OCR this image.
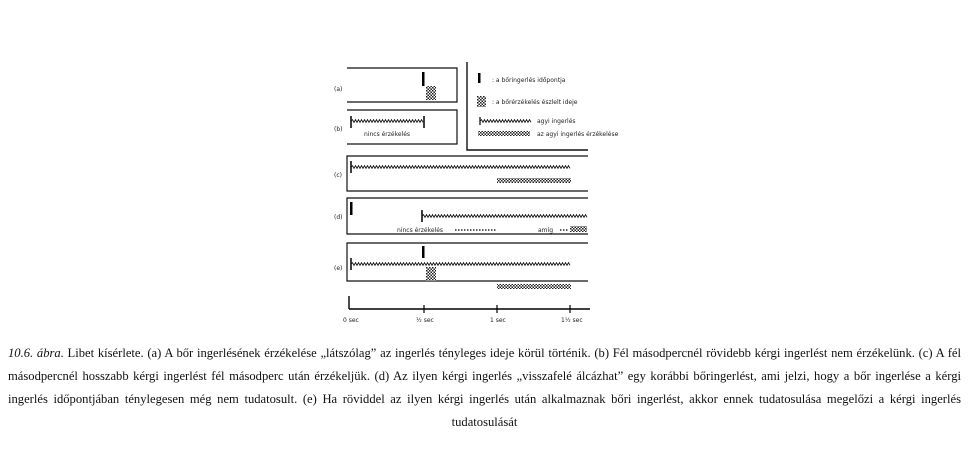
(a)
(b)
nincs érzékelés
: a bőringerlés időpontja
: a bőrérzékelés észlelt ideje
agyi ingerlés
az agyi ingerlés érzékelése
(c)
(d)
nincs érzékelés	amíg
(e)
0 sec	½ sec	1 sec	1½ sec
10.6. ábra. Libet kísérlete. (a) A bőr ingerlésének érzékelése „látszólag” az ingerlés tényleges ideje körül történik. (b) Fél másodpercnél rövidebb kérgi ingerlést nem érzékelünk. (c) A fél másodpercnél hosszabb kérgi ingerlést fél másodperc után érzékeljük. (d) Az ilyen kérgi ingerlés „visszafelé álcázhat” egy korábbi bőringerlést, ami jelzi, hogy a bőr ingerlése a kérgi ingerlés időpontjában ténylegesen még nem tudatosult. (e) Ha röviddel az ilyen kérgi ingerlés után alkalmaznak bőri ingerlést, akkor ennek tudatosulása megelőzi a kérgi ingerlés tudatosulását
